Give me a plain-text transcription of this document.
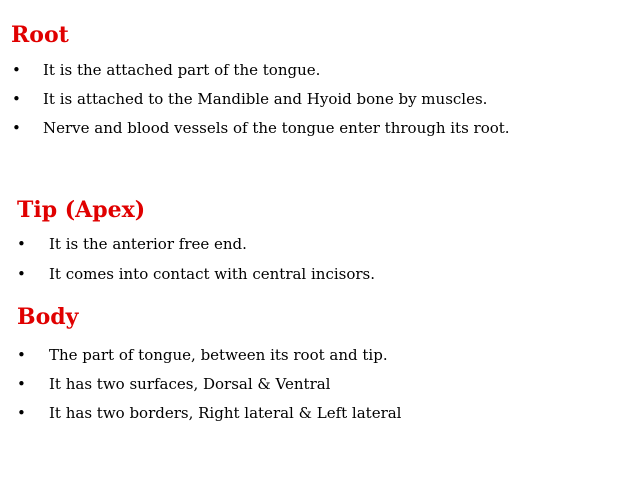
Root
• It is the attached part of the tongue.
• It is attached to the Mandible and Hyoid bone by muscles.
• Nerve and blood vessels of the tongue enter through its root.
Tip (Apex)
• It is the anterior free end.
• It comes into contact with central incisors.
Body
• The part of tongue, between its root and tip.
• It has two surfaces, Dorsal & Ventral
• It has two borders, Right lateral & Left lateral
